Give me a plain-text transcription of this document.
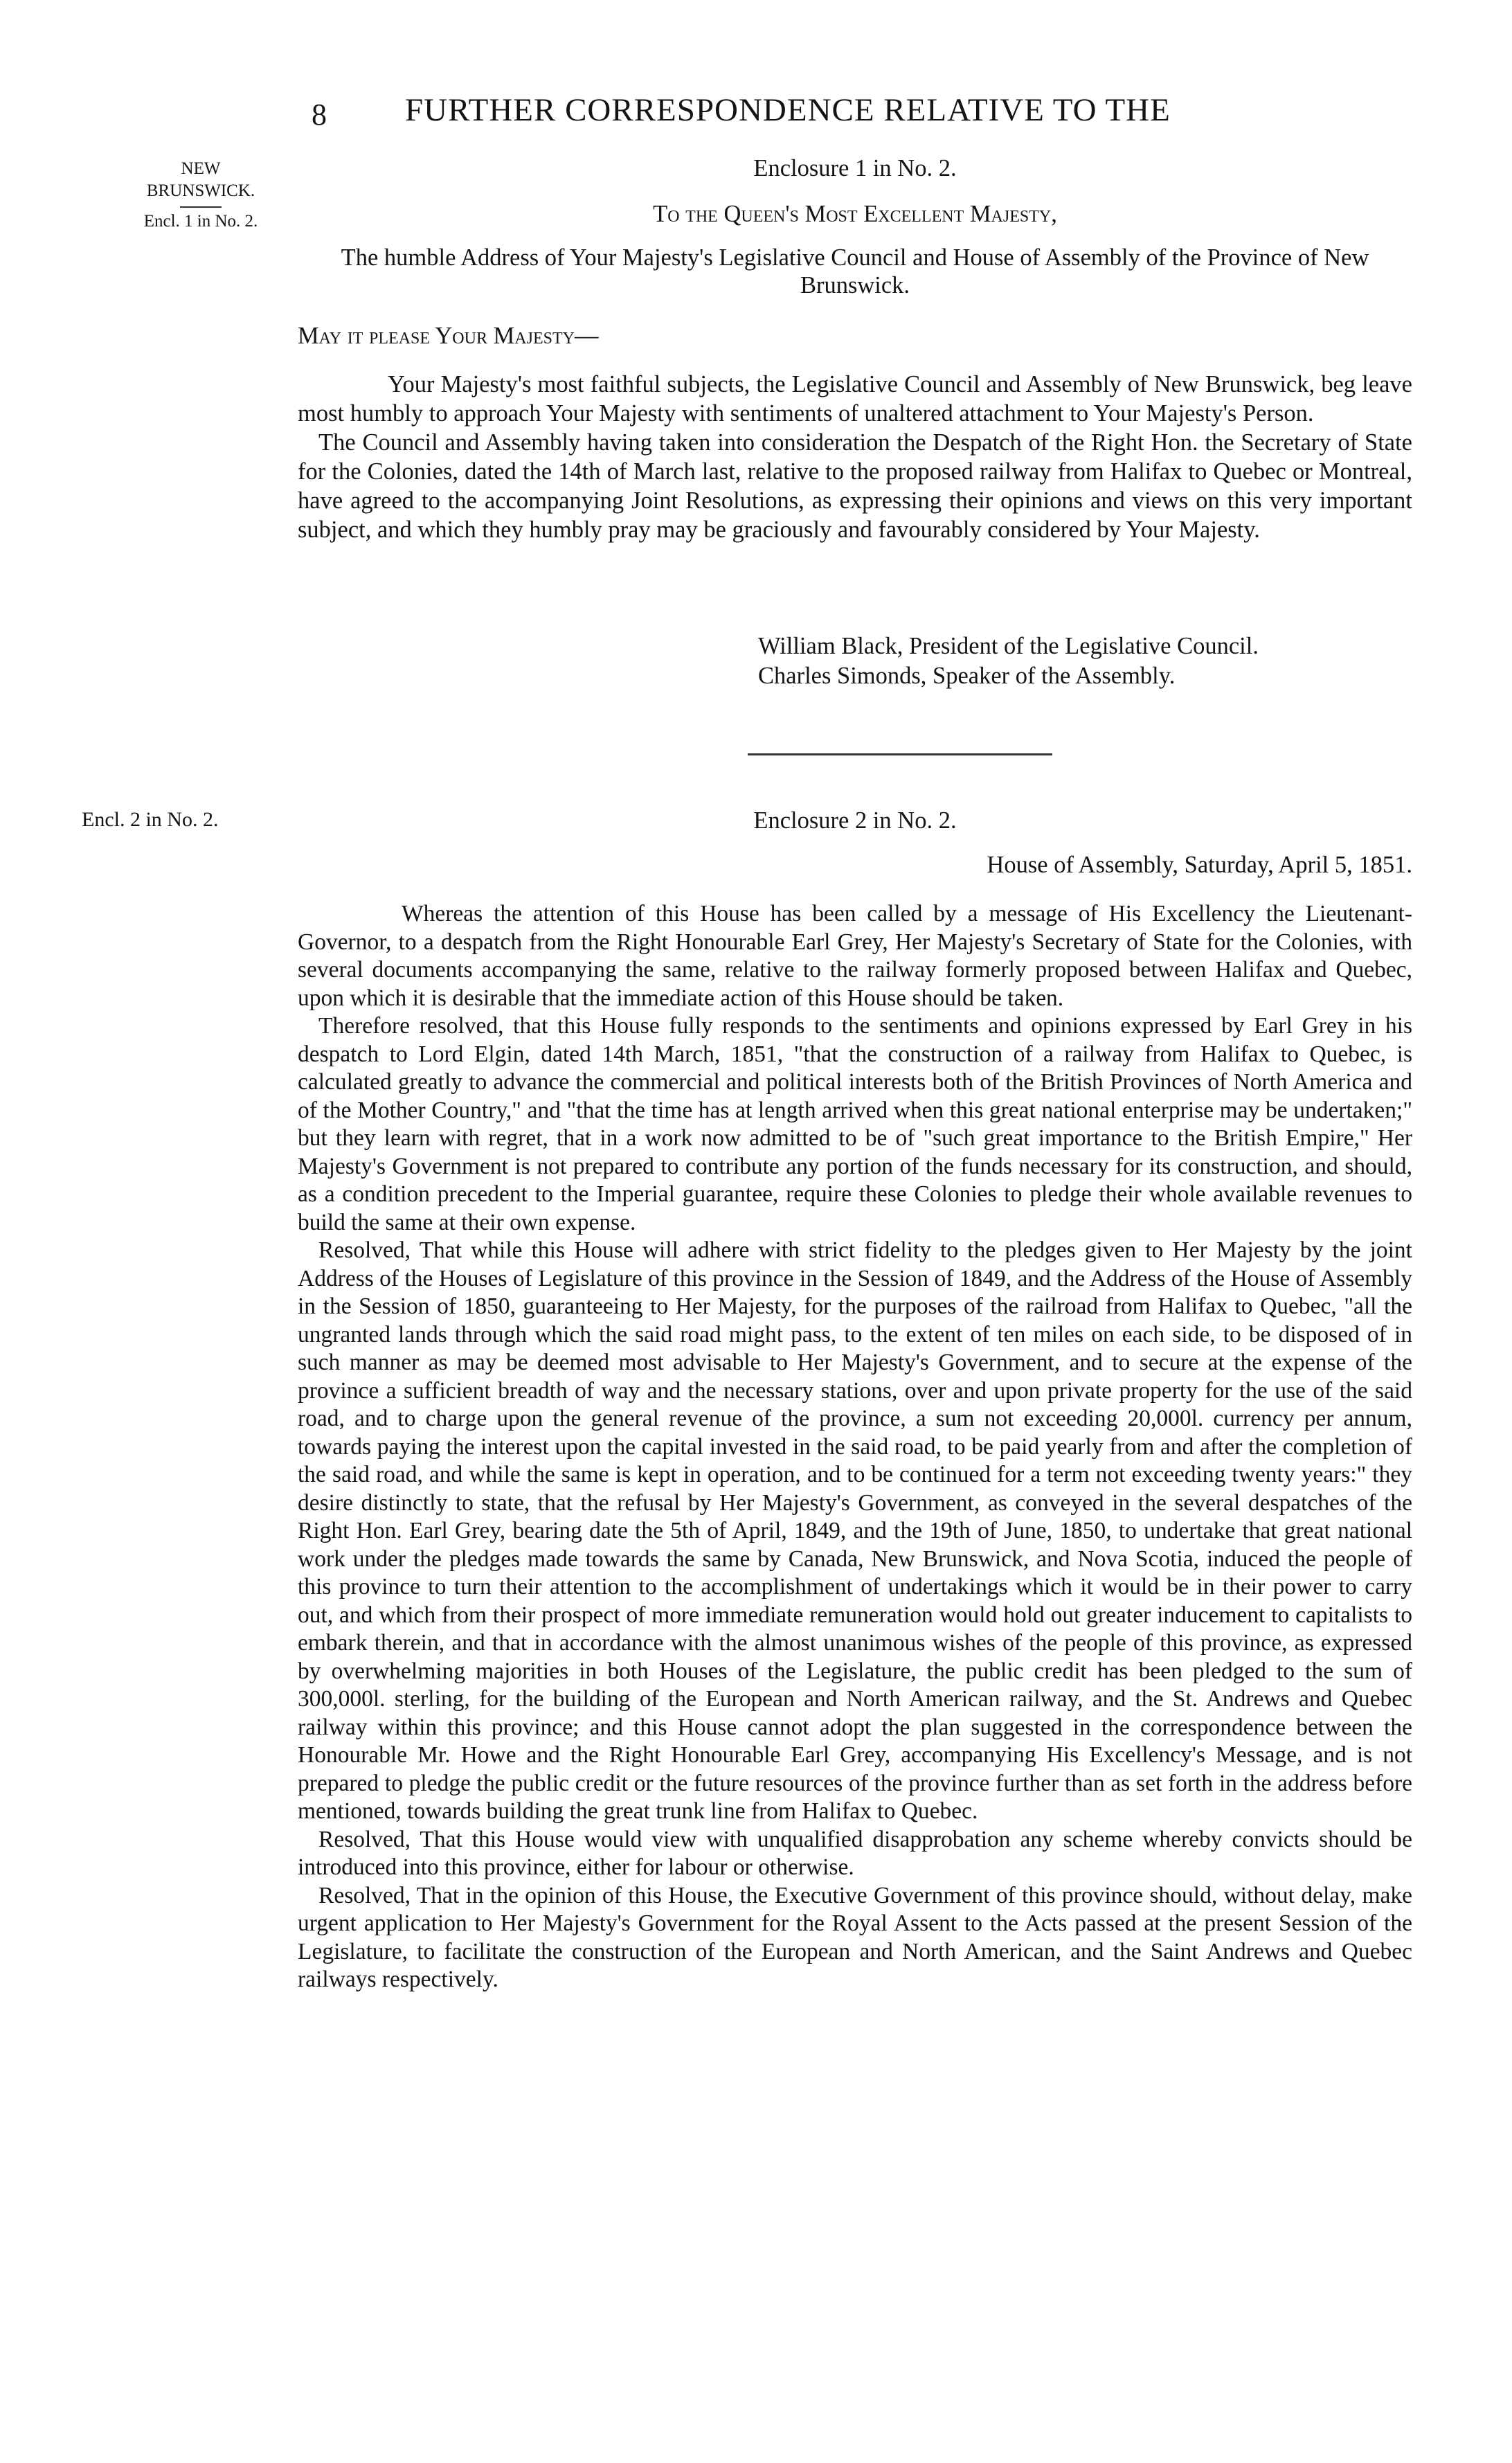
8 FURTHER CORRESPONDENCE RELATIVE TO THE
NEW
BRUNSWICK.
Encl. 1 in No. 2.
Encl. 2 in No. 2.
Enclosure 1 in No. 2.
To the Queen's Most Excellent Majesty,
The humble Address of Your Majesty's Legislative Council and House of Assembly of the Province of New Brunswick.
May it please Your Majesty—

Your Majesty's most faithful subjects, the Legislative Council and Assembly of New Brunswick, beg leave most humbly to approach Your Majesty with sentiments of unaltered attachment to Your Majesty's Person.

The Council and Assembly having taken into consideration the Despatch of the Right Hon. the Secretary of State for the Colonies, dated the 14th of March last, relative to the proposed railway from Halifax to Quebec or Montreal, have agreed to the accompanying Joint Resolutions, as expressing their opinions and views on this very important subject, and which they humbly pray may be graciously and favourably considered by Your Majesty.

William Black, President of the Legislative Council.
Charles Simonds, Speaker of the Assembly.
Enclosure 2 in No. 2.
House of Assembly, Saturday, April 5, 1851.

Whereas the attention of this House has been called by a message of His Excellency the Lieutenant-Governor, to a despatch from the Right Honourable Earl Grey, Her Majesty's Secretary of State for the Colonies, with several documents accompanying the same, relative to the railway formerly proposed between Halifax and Quebec, upon which it is desirable that the immediate action of this House should be taken.

Therefore resolved, that this House fully responds to the sentiments and opinions expressed by Earl Grey in his despatch to Lord Elgin, dated 14th March, 1851, "that the construction of a railway from Halifax to Quebec, is calculated greatly to advance the commercial and political interests both of the British Provinces of North America and of the Mother Country," and "that the time has at length arrived when this great national enterprise may be undertaken;" but they learn with regret, that in a work now admitted to be of "such great importance to the British Empire," Her Majesty's Government is not prepared to contribute any portion of the funds necessary for its construction, and should, as a condition precedent to the Imperial guarantee, require these Colonies to pledge their whole available revenues to build the same at their own expense.

Resolved, That while this House will adhere with strict fidelity to the pledges given to Her Majesty by the joint Address of the Houses of Legislature of this province in the Session of 1849, and the Address of the House of Assembly in the Session of 1850, guaranteeing to Her Majesty, for the purposes of the railroad from Halifax to Quebec, "all the ungranted lands through which the said road might pass, to the extent of ten miles on each side, to be disposed of in such manner as may be deemed most advisable to Her Majesty's Government, and to secure at the expense of the province a sufficient breadth of way and the necessary stations, over and upon private property for the use of the said road, and to charge upon the general revenue of the province, a sum not exceeding 20,000l. currency per annum, towards paying the interest upon the capital invested in the said road, to be paid yearly from and after the completion of the said road, and while the same is kept in operation, and to be continued for a term not exceeding twenty years:" they desire distinctly to state, that the refusal by Her Majesty's Government, as conveyed in the several despatches of the Right Hon. Earl Grey, bearing date the 5th of April, 1849, and the 19th of June, 1850, to undertake that great national work under the pledges made towards the same by Canada, New Brunswick, and Nova Scotia, induced the people of this province to turn their attention to the accomplishment of undertakings which it would be in their power to carry out, and which from their prospect of more immediate remuneration would hold out greater inducement to capitalists to embark therein, and that in accordance with the almost unanimous wishes of the people of this province, as expressed by overwhelming majorities in both Houses of the Legislature, the public credit has been pledged to the sum of 300,000l. sterling, for the building of the European and North American railway, and the St. Andrews and Quebec railway within this province; and this House cannot adopt the plan suggested in the correspondence between the Honourable Mr. Howe and the Right Honourable Earl Grey, accompanying His Excellency's Message, and is not prepared to pledge the public credit or the future resources of the province further than as set forth in the address before mentioned, towards building the great trunk line from Halifax to Quebec.

Resolved, That this House would view with unqualified disapprobation any scheme whereby convicts should be introduced into this province, either for labour or otherwise.

Resolved, That in the opinion of this House, the Executive Government of this province should, without delay, make urgent application to Her Majesty's Government for the Royal Assent to the Acts passed at the present Session of the Legislature, to facilitate the construction of the European and North American, and the Saint Andrews and Quebec railways respectively.
